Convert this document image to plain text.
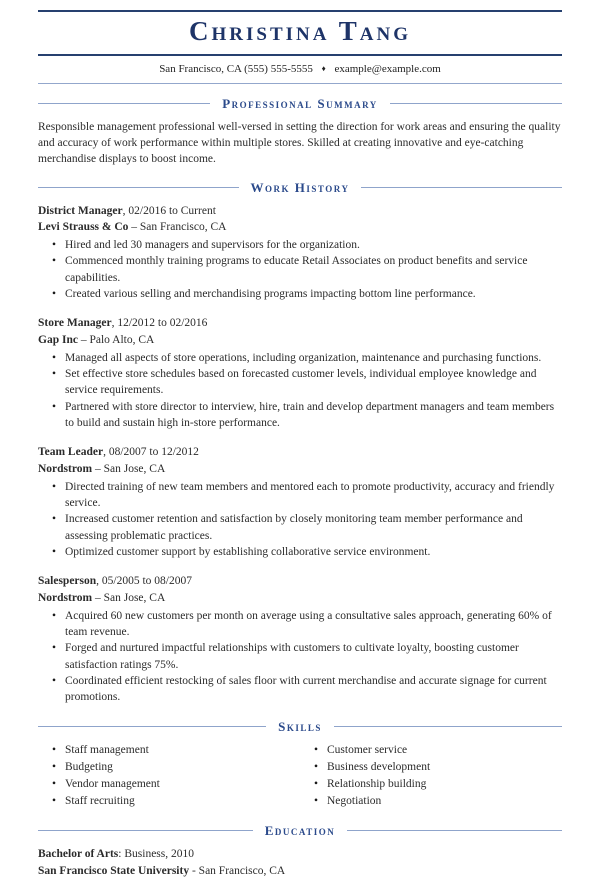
Christina Tang
San Francisco, CA (555) 555-5555 ♦ example@example.com
Professional Summary

Responsible management professional well-versed in setting the direction for work areas and ensuring the quality and accuracy of work performance within multiple stores. Skilled at creating innovative and eye-catching merchandise displays to boost income.

Work History
District Manager, 02/2016 to Current
Levi Strauss & Co – San Francisco, CA
• Hired and led 30 managers and supervisors for the organization.
• Commenced monthly training programs to educate Retail Associates on product benefits and service capabilities.
• Created various selling and merchandising programs impacting bottom line performance.
Store Manager, 12/2012 to 02/2016
Gap Inc – Palo Alto, CA
• Managed all aspects of store operations, including organization, maintenance and purchasing functions.
• Set effective store schedules based on forecasted customer levels, individual employee knowledge and service requirements.
• Partnered with store director to interview, hire, train and develop department managers and team members to build and sustain high in-store performance.
Team Leader, 08/2007 to 12/2012
Nordstrom – San Jose, CA
• Directed training of new team members and mentored each to promote productivity, accuracy and friendly service.
• Increased customer retention and satisfaction by closely monitoring team member performance and assessing problematic practices.
• Optimized customer support by establishing collaborative service environment.
Salesperson, 05/2005 to 08/2007
Nordstrom – San Jose, CA
• Acquired 60 new customers per month on average using a consultative sales approach, generating 60% of team revenue.
• Forged and nurtured impactful relationships with customers to cultivate loyalty, boosting customer satisfaction ratings 75%.
• Coordinated efficient restocking of sales floor with current merchandise and accurate signage for current promotions.
Skills
• Staff management
• Budgeting
• Vendor management
• Staff recruiting
• Customer service
• Business development
• Relationship building
• Negotiation
Education
Bachelor of Arts: Business, 2010
San Francisco State University - San Francisco, CA
